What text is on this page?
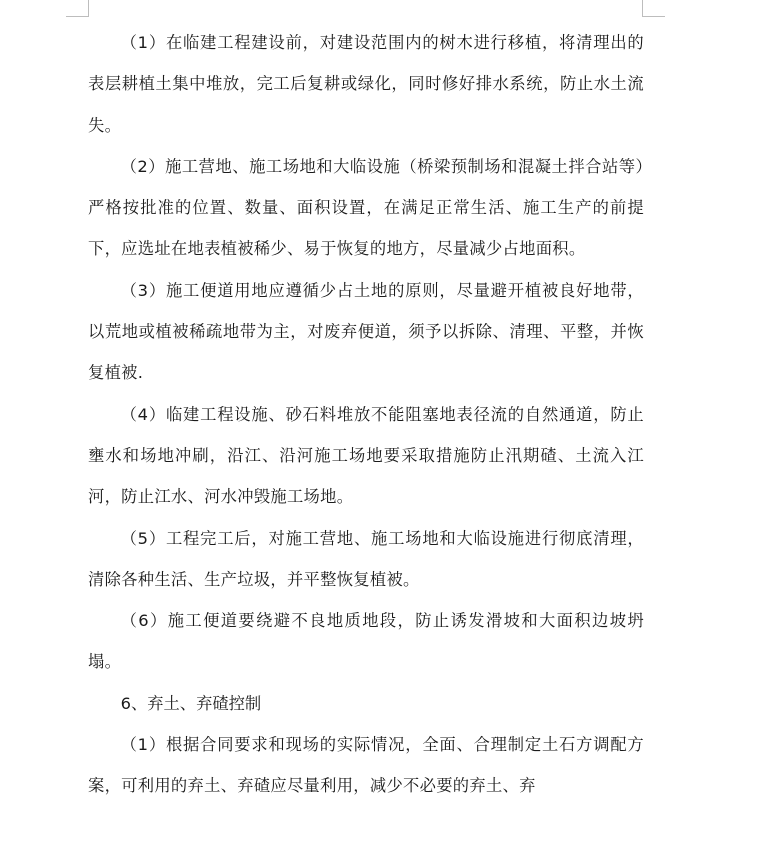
（1）在临建工程建设前，对建设范围内的树木进行移植，将清理出的表层耕植土集中堆放，完工后复耕或绿化，同时修好排水系统，防止水土流失。

（2）施工营地、施工场地和大临设施（桥梁预制场和混凝土拌合站等）严格按批准的位置、数量、面积设置，在满足正常生活、施工生产的前提下，应选址在地表植被稀少、易于恢复的地方，尽量减少占地面积。

（3）施工便道用地应遵循少占土地的原则，尽量避开植被良好地带，以荒地或植被稀疏地带为主，对废弃便道，须予以拆除、清理、平整，并恢复植被.

（4）临建工程设施、砂石料堆放不能阻塞地表径流的自然通道，防止壅水和场地冲刷，沿江、沿河施工场地要采取措施防止汛期碴、土流入江河，防止江水、河水冲毁施工场地。

（5）工程完工后，对施工营地、施工场地和大临设施进行彻底清理，清除各种生活、生产垃圾，并平整恢复植被。

（6）施工便道要绕避不良地质地段，防止诱发滑坡和大面积边坡坍塌。

6、弃土、弃碴控制

（1）根据合同要求和现场的实际情况，全面、合理制定土石方调配方案，可利用的弃土、弃碴应尽量利用，减少不必要的弃土、弃
